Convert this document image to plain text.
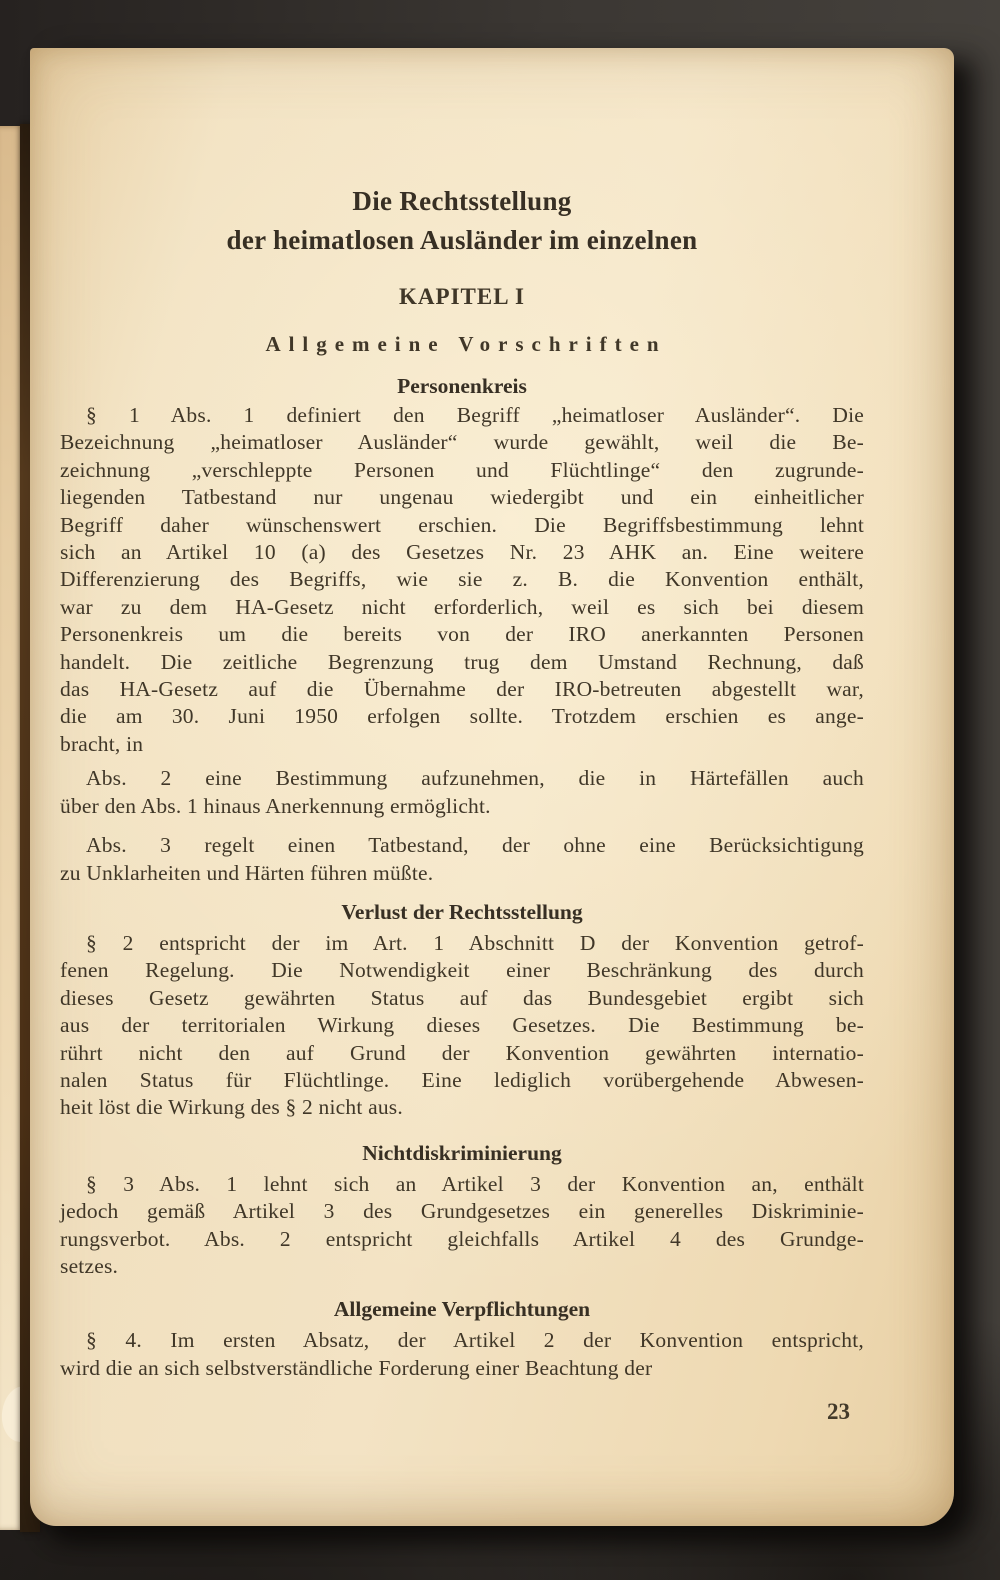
Die Rechtsstellung
der heimatlosen Ausländer im einzelnen
KAPITEL I
Allgemeine Vorschriften
Personenkreis
§ 1 Abs. 1 definiert den Begriff „heimatloser Ausländer“. Die
Bezeichnung „heimatloser Ausländer“ wurde gewählt, weil die Be-
zeichnung „verschleppte Personen und Flüchtlinge“ den zugrunde-
liegenden Tatbestand nur ungenau wiedergibt und ein einheitlicher
Begriff daher wünschenswert erschien. Die Begriffsbestimmung lehnt
sich an Artikel 10 (a) des Gesetzes Nr. 23 AHK an. Eine weitere
Differenzierung des Begriffs, wie sie z. B. die Konvention enthält,
war zu dem HA-Gesetz nicht erforderlich, weil es sich bei diesem
Personenkreis um die bereits von der IRO anerkannten Personen
handelt. Die zeitliche Begrenzung trug dem Umstand Rechnung, daß
das HA-Gesetz auf die Übernahme der IRO-betreuten abgestellt war,
die am 30. Juni 1950 erfolgen sollte. Trotzdem erschien es ange-
bracht, in
Abs. 2 eine Bestimmung aufzunehmen, die in Härtefällen auch
über den Abs. 1 hinaus Anerkennung ermöglicht.
Abs. 3 regelt einen Tatbestand, der ohne eine Berücksichtigung
zu Unklarheiten und Härten führen müßte.
Verlust der Rechtsstellung
§ 2 entspricht der im Art. 1 Abschnitt D der Konvention getrof-
fenen Regelung. Die Notwendigkeit einer Beschränkung des durch
dieses Gesetz gewährten Status auf das Bundesgebiet ergibt sich
aus der territorialen Wirkung dieses Gesetzes. Die Bestimmung be-
rührt nicht den auf Grund der Konvention gewährten internatio-
nalen Status für Flüchtlinge. Eine lediglich vorübergehende Abwesen-
heit löst die Wirkung des § 2 nicht aus.
Nichtdiskriminierung
§ 3 Abs. 1 lehnt sich an Artikel 3 der Konvention an, enthält
jedoch gemäß Artikel 3 des Grundgesetzes ein generelles Diskriminie-
rungsverbot. Abs. 2 entspricht gleichfalls Artikel 4 des Grundge-
setzes.
Allgemeine Verpflichtungen
§ 4. Im ersten Absatz, der Artikel 2 der Konvention entspricht,
wird die an sich selbstverständliche Forderung einer Beachtung der
23
